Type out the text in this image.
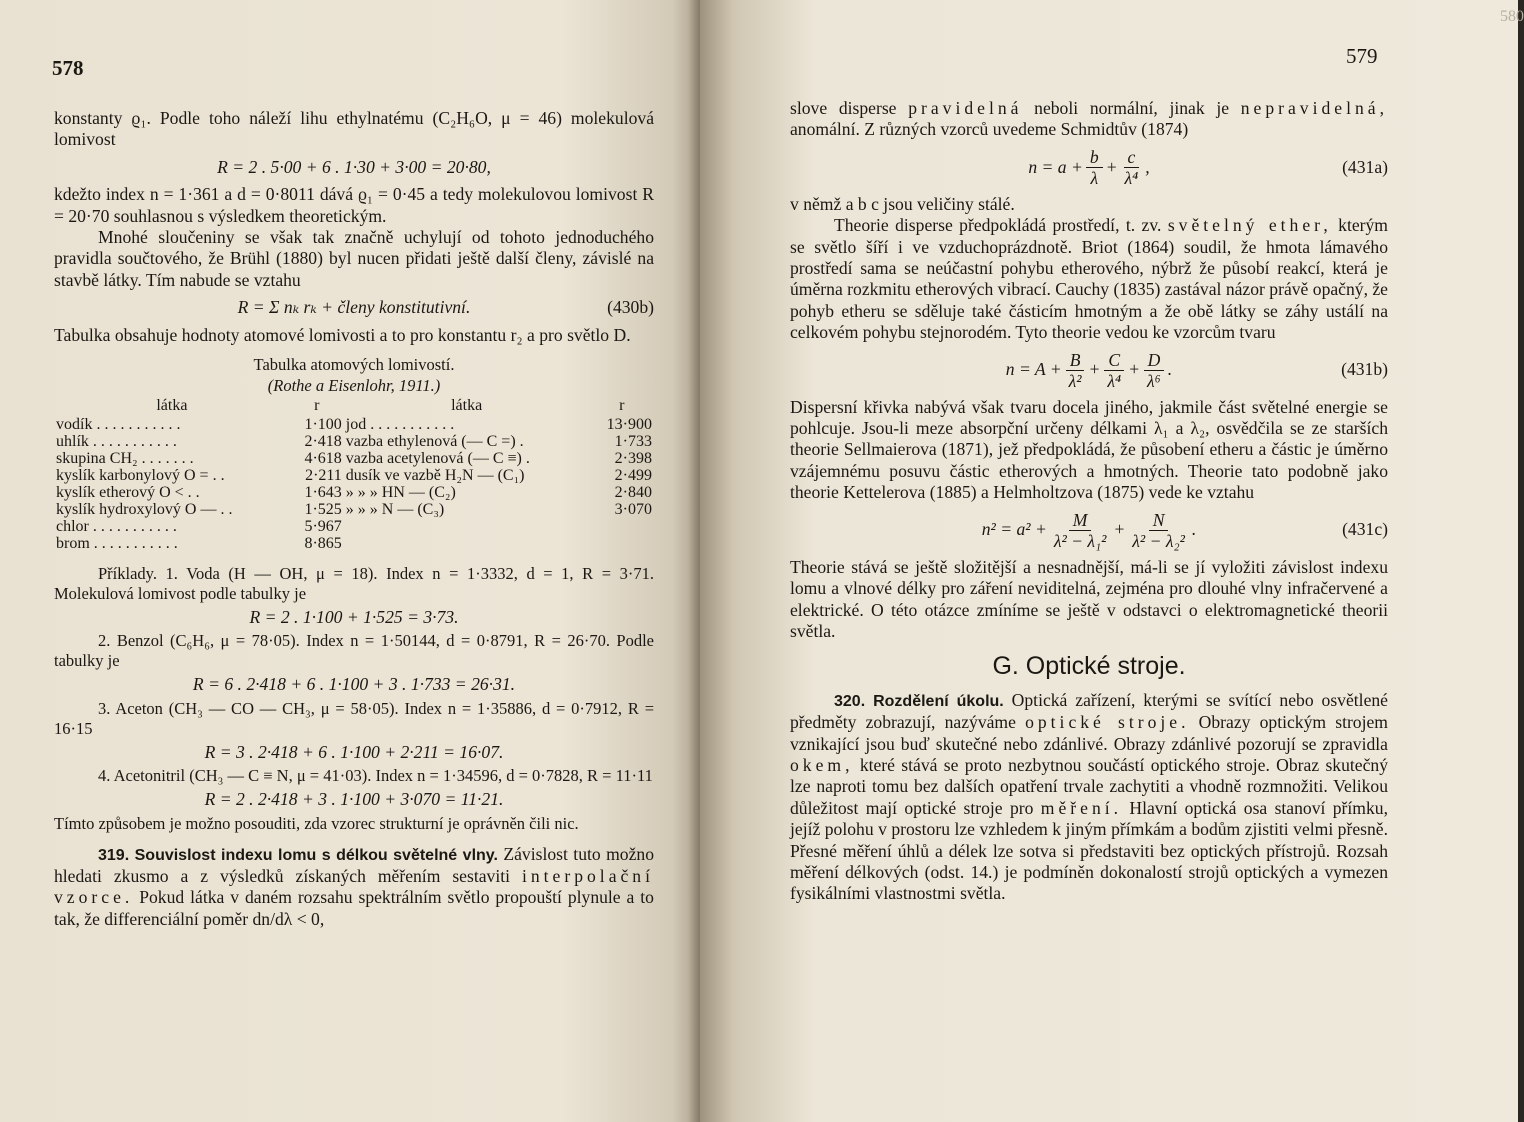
578

konstanty ϱ₁. Podle toho náleží lihu ethylnatému (C₂H₆O, μ = 46) molekulová lomivost

R = 2 . 5·00 + 6 . 1·30 + 3·00 = 20·80,

kdežto index n = 1·361 a d = 0·8011 dává ϱ₁ = 0·45 a tedy molekulovou lomivost R = 20·70 souhlasnou s výsledkem theoretickým.

Mnohé sloučeniny se však tak značně uchylují od tohoto jednoduchého pravidla součtového, že Brühl (1880) byl nucen přidati ještě další členy, závislé na stavbě látky. Tím nabude se vztahu

R = Σ nₖ rₖ + členy konstitutivní.	(430b)

Tabulka obsahuje hodnoty atomové lomivosti a to pro konstantu r₂ a pro světlo D.

Tabulka atomových lomivostí.

(Rothe a Eisenlohr, 1911.)

látka	r	látka	r
vodík . . . . . . . . . . .	1·100	jod . . . . . . . . . . .	13·900
uhlík . . . . . . . . . . .	2·418	vazba ethylenová (— C =) .	1·733
skupina CH₂ . . . . . . .	4·618	vazba acetylenová (— C ≡) .	2·398
kyslík karbonylový O = . .	2·211	dusík ve vazbě H₂N — (C₁)	2·499
kyslík etherový O < . .	1·643	» » » HN — (C₂)	2·840
kyslík hydroxylový O — . .	1·525	» » » N — (C₃)	3·070
chlor . . . . . . . . . . .	5·967		
brom . . . . . . . . . . .	8·865		

Příklady. 1. Voda (H — OH, μ = 18). Index n = 1·3332, d = 1, R = 3·71. Molekulová lomivost podle tabulky je

R = 2 . 1·100 + 1·525 = 3·73.

2. Benzol (C₆H₆, μ = 78·05). Index n = 1·50144, d = 0·8791, R = 26·70. Podle tabulky je

R = 6 . 2·418 + 6 . 1·100 + 3 . 1·733 = 26·31.

3. Aceton (CH₃ — CO — CH₃, μ = 58·05). Index n = 1·35886, d = 0·7912, R = 16·15

R = 3 . 2·418 + 6 . 1·100 + 2·211 = 16·07.

4. Acetonitril (CH₃ — C ≡ N, μ = 41·03). Index n = 1·34596, d = 0·7828, R = 11·11

R = 2 . 2·418 + 3 . 1·100 + 3·070 = 11·21.

Tímto způsobem je možno posouditi, zda vzorec strukturní je oprávněn čili nic.

319. Souvislost indexu lomu s délkou světelné vlny. Závislost tuto možno hledati zkusmo a z výsledků získaných měřením sestaviti interpolační vzorce. Pokud látka v daném rozsahu spektrálním světlo propouští plynule a to tak, že differenciální poměr dn/dλ < 0,

579

slove disperse pravidelná neboli normální, jinak je nepravidelná, anomální. Z různých vzorců uvedeme Schmidtův (1874)

$n = a + \frac{b}{\lambda} + \frac{c}{\text{λ⁴}}$ ,	(431a)

v němž a b c jsou veličiny stálé.

Theorie disperse předpokládá prostředí, t. zv. světelný ether, kterým se světlo šíří i ve vzduchoprázdnotě. Briot (1864) soudil, že hmota lámavého prostředí sama se neúčastní pohybu etherového, nýbrž že působí reakcí, která je úměrna rozkmitu etherových vibrací. Cauchy (1835) zastával názor právě opačný, že pohyb etheru se sděluje také částicím hmotným a že obě látky se záhy ustálí na celkovém pohybu stejnorodém. Tyto theorie vedou ke vzorcům tvaru

$n = A + \frac{B}{\text{λ²}} + \frac{C}{\text{λ⁴}} + \frac{D}{\text{λ⁶}}$ .	(431b)

Dispersní křivka nabývá však tvaru docela jiného, jakmile část světelné energie se pohlcuje. Jsou-li meze absorpční určeny délkami λ₁ a λ₂, osvědčila se ze starších theorie Sellmaierova (1871), jež předpokládá, že působení etheru a částic je úměrno vzájemnému posuvu částic etherových a hmotných. Theorie tato podobně jako theorie Kettelerova (1885) a Helmholtzova (1875) vede ke vztahu

$n^2 = a^2 + \frac{M}{\text{λ² − λ₁²}} + \frac{N}{\text{λ² − λ₂²}}$ .	(431c)

Theorie stává se ještě složitější a nesnadnější, má-li se jí vyložiti závislost indexu lomu a vlnové délky pro záření neviditelná, zejména pro dlouhé vlny infračervené a elektrické. O této otázce zmíníme se ještě v odstavci o elektromagnetické theorii světla.

G. Optické stroje.

320. Rozdělení úkolu. Optická zařízení, kterými se svítící nebo osvětlené předměty zobrazují, nazýváme optické stroje. Obrazy optickým strojem vznikající jsou buď skutečné nebo zdánlivé. Obrazy zdánlivé pozorují se zpravidla okem, které stává se proto nezbytnou součástí optického stroje. Obraz skutečný lze naproti tomu bez dalších opatření trvale zachytiti a vhodně rozmnožiti. Velikou důležitost mají optické stroje pro měření. Hlavní optická osa stanoví přímku, jejíž polohu v prostoru lze vzhledem k jiným přímkám a bodům zjistiti velmi přesně. Přesné měření úhlů a délek lze sotva si představiti bez optických přístrojů. Rozsah měření délkových (odst. 14.) je podmíněn dokonalostí strojů optických a vymezen fysikálními vlastnostmi světla.

580
